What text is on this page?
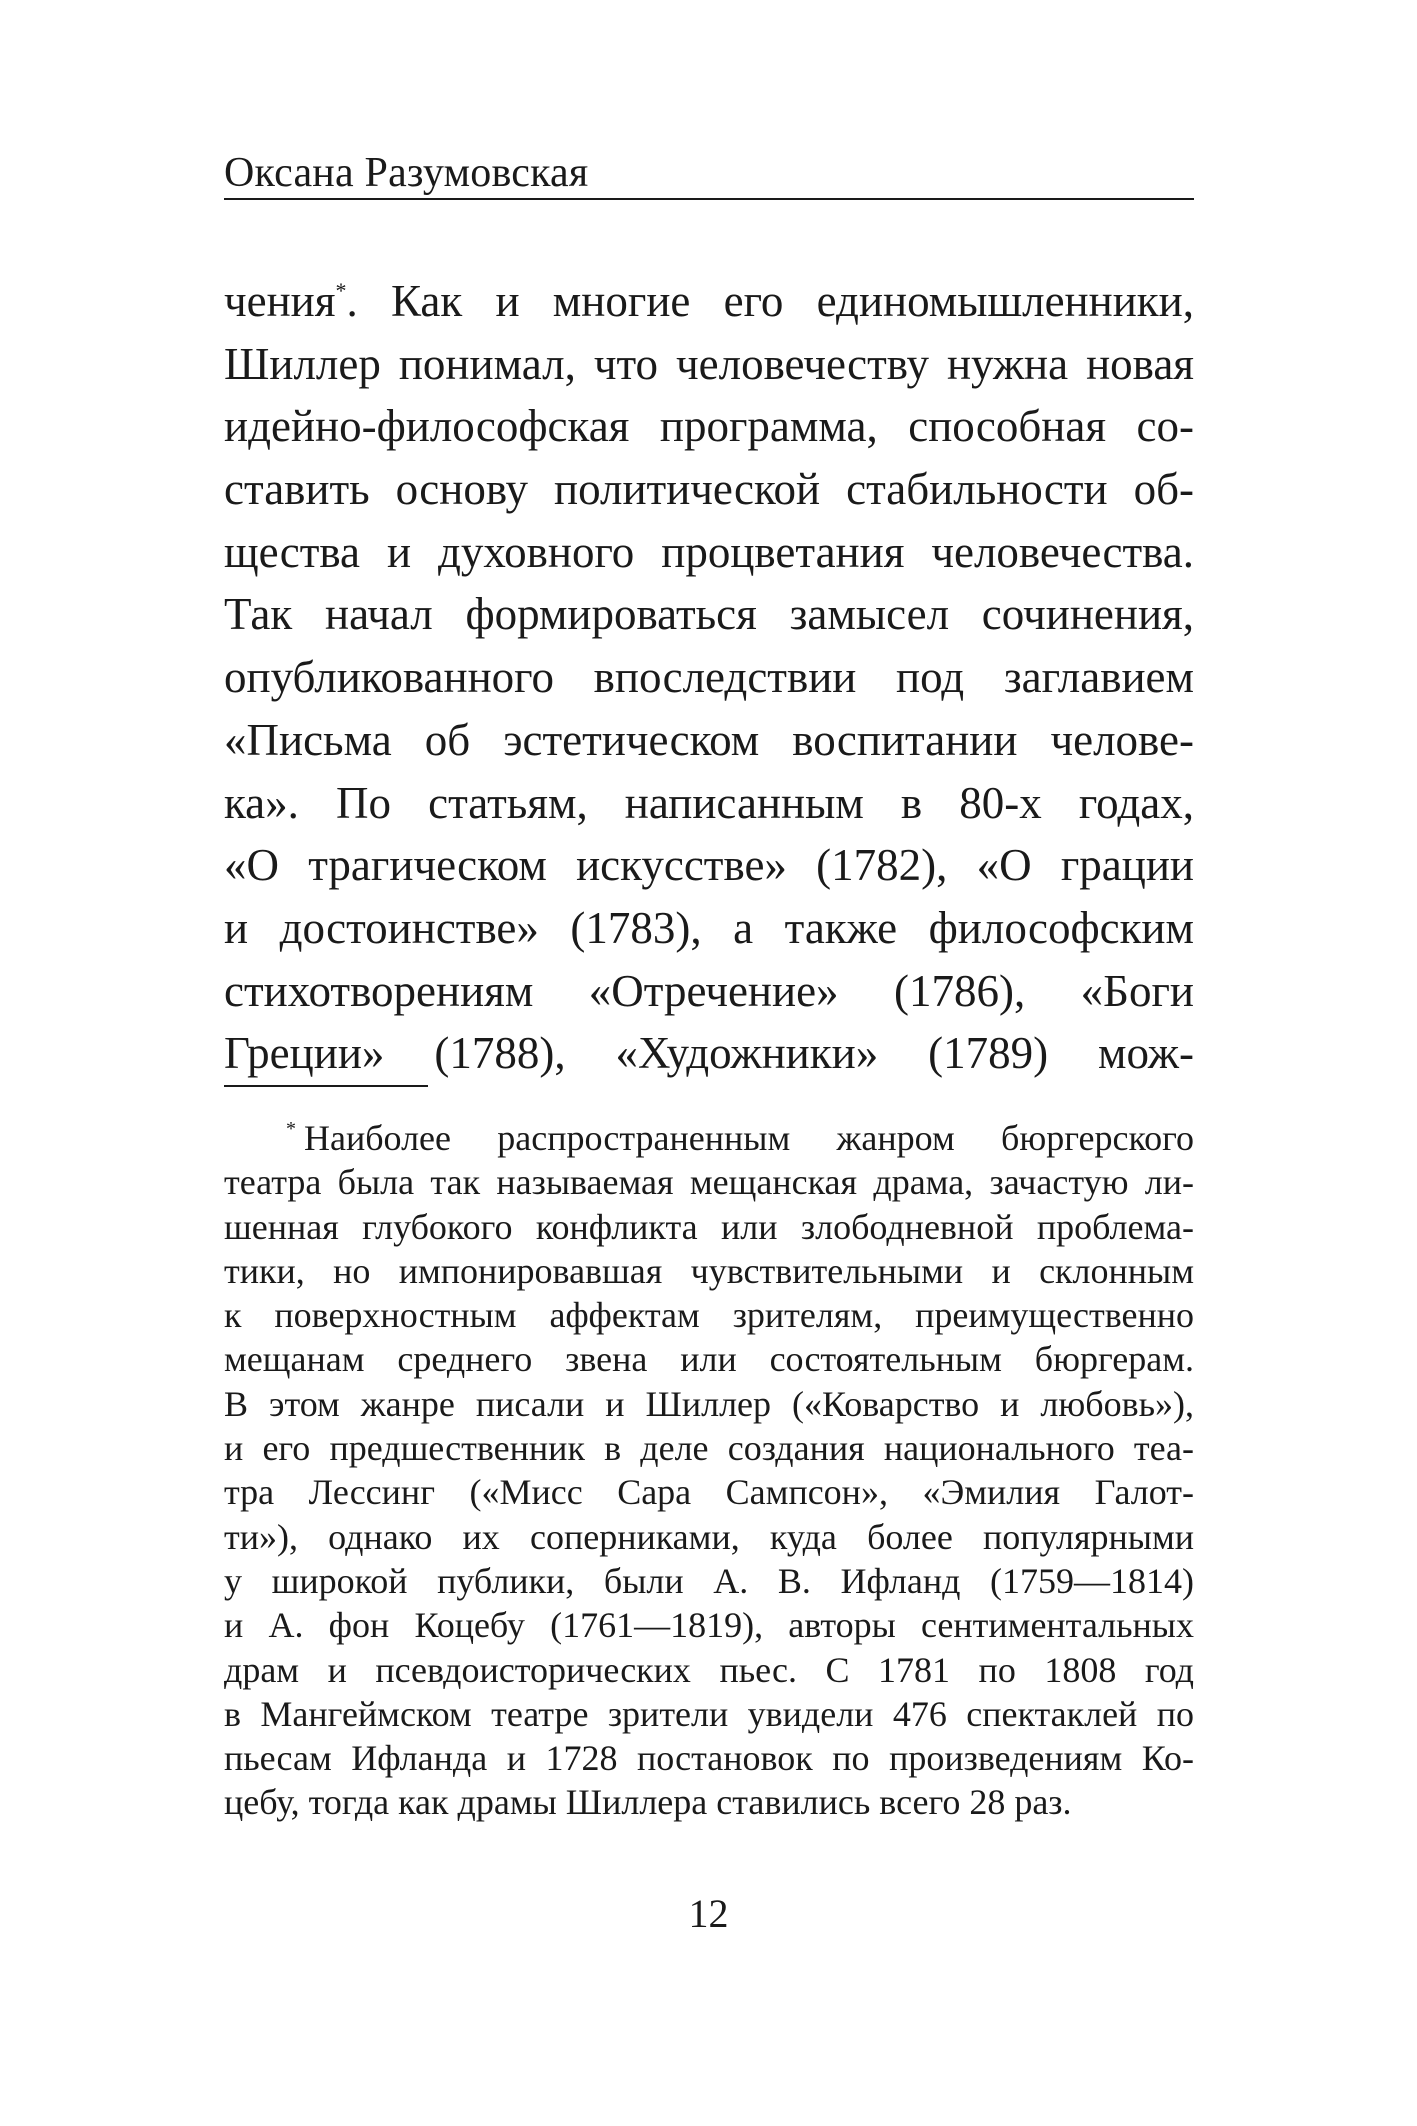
Оксана Разумовская
чения*. Как и многие его единомышленники,
Шиллер понимал, что человечеству нужна новая
идейно-философская программа, способная со-
ставить основу политической стабильности об-
щества и духовного процветания человечества.
Так начал формироваться замысел сочинения,
опубликованного впоследствии под заглавием
«Письма об эстетическом воспитании челове-
ка». По статьям, написанным в 80-х годах,
«О трагическом искусстве» (1782), «О грации
и достоинстве» (1783), а также философским
стихотворениям «Отречение» (1786), «Боги
Греции» (1788), «Художники» (1789) мож-
* Наиболее распространенным жанром бюргерского
театра была так называемая мещанская драма, зачастую ли-
шенная глубокого конфликта или злободневной проблема-
тики, но импонировавшая чувствительными и склонным
к поверхностным аффектам зрителям, преимущественно
мещанам среднего звена или состоятельным бюргерам.
В этом жанре писали и Шиллер («Коварство и любовь»),
и его предшественник в деле создания национального теа-
тра Лессинг («Мисс Сара Сампсон», «Эмилия Галот-
ти»), однако их соперниками, куда более популярными
у широкой публики, были А. В. Ифланд (1759—1814)
и А. фон Коцебу (1761—1819), авторы сентиментальных
драм и псевдоисторических пьес. С 1781 по 1808 год
в Мангеймском театре зрители увидели 476 спектаклей по
пьесам Ифланда и 1728 постановок по произведениям Ко-
цебу, тогда как драмы Шиллера ставились всего 28 раз.
12
